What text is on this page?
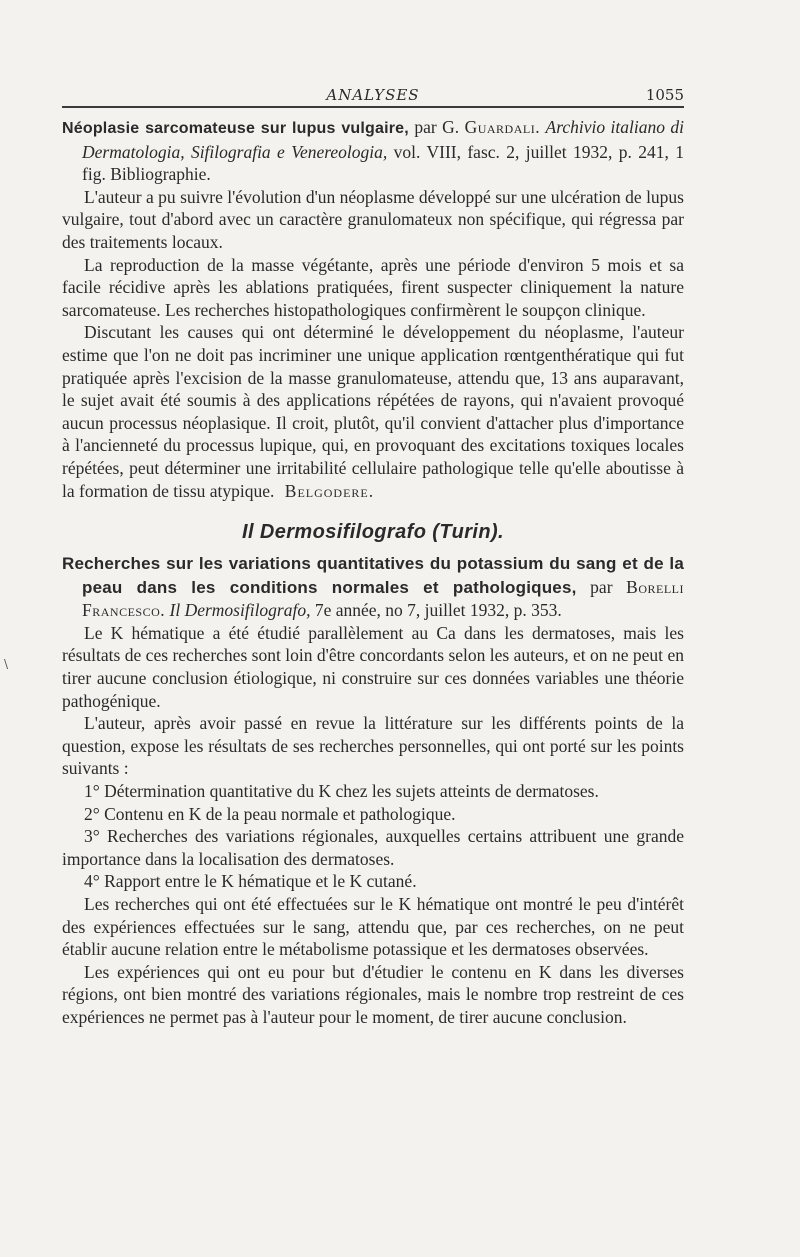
ANALYSES	1055

Néoplasie sarcomateuse sur lupus vulgaire, par G. Guardali. Archivio italiano di Dermatologia, Sifilografia e Venereologia, vol. VIII, fasc. 2, juillet 1932, p. 241, 1 fig. Bibliographie.

L'auteur a pu suivre l'évolution d'un néoplasme développé sur une ulcération de lupus vulgaire, tout d'abord avec un caractère granulomateux non spécifique, qui régressa par des traitements locaux.

La reproduction de la masse végétante, après une période d'environ 5 mois et sa facile récidive après les ablations pratiquées, firent suspecter cliniquement la nature sarcomateuse. Les recherches histopathologiques confirmèrent le soupçon clinique.

Discutant les causes qui ont déterminé le développement du néoplasme, l'auteur estime que l'on ne doit pas incriminer une unique application rœntgenthératique qui fut pratiquée après l'excision de la masse granulomateuse, attendu que, 13 ans auparavant, le sujet avait été soumis à des applications répétées de rayons, qui n'avaient provoqué aucun processus néoplasique. Il croit, plutôt, qu'il convient d'attacher plus d'importance à l'ancienneté du processus lupique, qui, en provoquant des excitations toxiques locales répétées, peut déterminer une irritabilité cellulaire pathologique telle qu'elle aboutisse à la formation de tissu atypique. Belgodere.

Il Dermosifilografo (Turin).

Recherches sur les variations quantitatives du potassium du sang et de la peau dans les conditions normales et pathologiques, par Borelli Francesco. Il Dermosifilografo, 7e année, no 7, juillet 1932, p. 353.

Le K hématique a été étudié parallèlement au Ca dans les dermatoses, mais les résultats de ces recherches sont loin d'être concordants selon les auteurs, et on ne peut en tirer aucune conclusion étiologique, ni construire sur ces données variables une théorie pathogénique.

L'auteur, après avoir passé en revue la littérature sur les différents points de la question, expose les résultats de ses recherches personnelles, qui ont porté sur les points suivants :

1° Détermination quantitative du K chez les sujets atteints de dermatoses.

2° Contenu en K de la peau normale et pathologique.

3° Recherches des variations régionales, auxquelles certains attribuent une grande importance dans la localisation des dermatoses.

4° Rapport entre le K hématique et le K cutané.

Les recherches qui ont été effectuées sur le K hématique ont montré le peu d'intérêt des expériences effectuées sur le sang, attendu que, par ces recherches, on ne peut établir aucune relation entre le métabolisme potassique et les dermatoses observées.

Les expériences qui ont eu pour but d'étudier le contenu en K dans les diverses régions, ont bien montré des variations régionales, mais le nombre trop restreint de ces expériences ne permet pas à l'auteur pour le moment, de tirer aucune conclusion.

\
